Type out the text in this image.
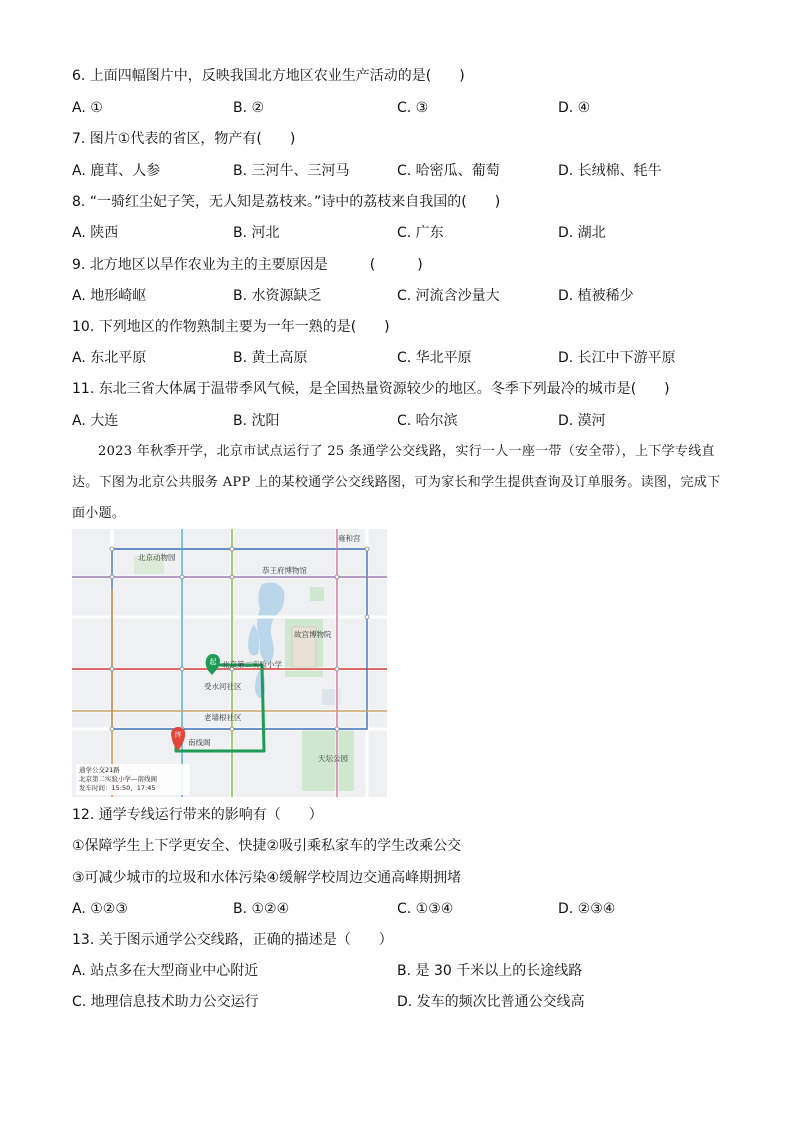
6. 上面四幅图片中，反映我国北方地区农业生产活动的是(　　)
A. ①	B. ②	C. ③	D. ④
7. 图片①代表的省区，物产有(　　)
A. 鹿茸、人参	B. 三河牛、三河马	C. 哈密瓜、葡萄	D. 长绒棉、牦牛
8. “一骑红尘妃子笑，无人知是荔枝来。”诗中的荔枝来自我国的(　　)
A. 陕西	B. 河北	C. 广东	D. 湖北
9. 北方地区以旱作农业为主的主要原因是　　　(　　　)
A. 地形崎岖	B. 水资源缺乏	C. 河流含沙量大	D. 植被稀少
10. 下列地区的作物熟制主要为一年一熟的是(　　)
A. 东北平原	B. 黄土高原	C. 华北平原	D. 长江中下游平原
11. 东北三省大体属于温带季风气候，是全国热量资源较少的地区。冬季下列最冷的城市是(　　)
A. 大连	B. 沈阳	C. 哈尔滨	D. 漠河
2023 年秋季开学，北京市试点运行了 25 条通学公交线路，实行一人一座一带（安全带），上下学专线直达。下图为北京公共服务 APP 上的某校通学公交线路图，可为家长和学生提供查询及订单服务。读图，完成下面小题。
起
终
北京动物园
恭王府博物馆
故宫博物院
北京第二实验小学
受水河社区
老墙根社区
南线阁
天坛公园
雍和宫
通学公交21路
北京第二实验小学—南线阁
发车时间：15:50、17:45
12. 通学专线运行带来的影响有（　　）
①保障学生上下学更安全、快捷②吸引乘私家车的学生改乘公交
③可减少城市的垃圾和水体污染④缓解学校周边交通高峰期拥堵
A. ①②③	B. ①②④	C. ①③④	D. ②③④
13. 关于图示通学公交线路，正确的描述是（　　）
A. 站点多在大型商业中心附近	B. 是 30 千米以上的长途线路
C. 地理信息技术助力公交运行	D. 发车的频次比普通公交线高
